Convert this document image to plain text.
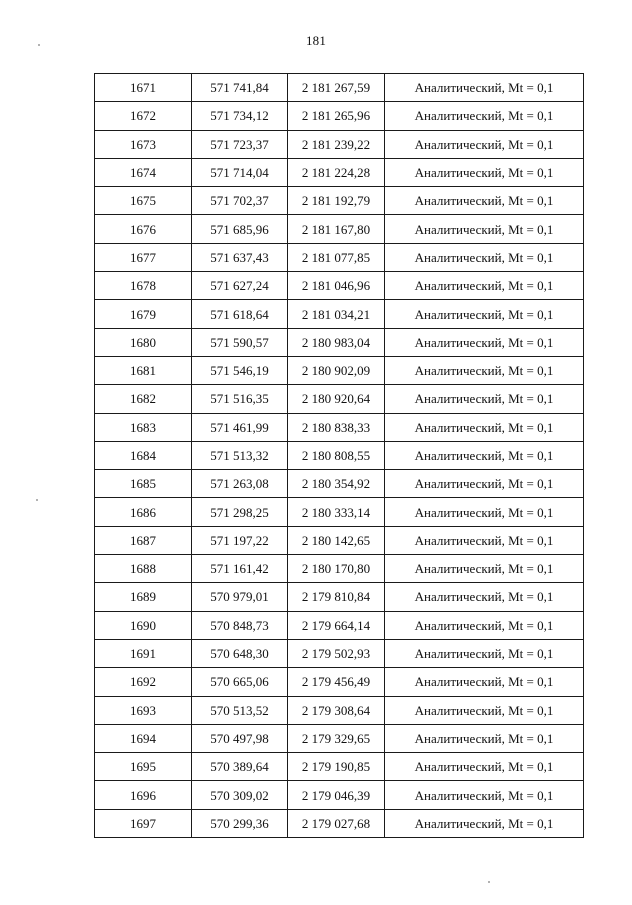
181
1671	571 741,84	2 181 267,59	Аналитический, Mt = 0,1
1672	571 734,12	2 181 265,96	Аналитический, Mt = 0,1
1673	571 723,37	2 181 239,22	Аналитический, Mt = 0,1
1674	571 714,04	2 181 224,28	Аналитический, Mt = 0,1
1675	571 702,37	2 181 192,79	Аналитический, Mt = 0,1
1676	571 685,96	2 181 167,80	Аналитический, Mt = 0,1
1677	571 637,43	2 181 077,85	Аналитический, Mt = 0,1
1678	571 627,24	2 181 046,96	Аналитический, Mt = 0,1
1679	571 618,64	2 181 034,21	Аналитический, Mt = 0,1
1680	571 590,57	2 180 983,04	Аналитический, Mt = 0,1
1681	571 546,19	2 180 902,09	Аналитический, Mt = 0,1
1682	571 516,35	2 180 920,64	Аналитический, Mt = 0,1
1683	571 461,99	2 180 838,33	Аналитический, Mt = 0,1
1684	571 513,32	2 180 808,55	Аналитический, Mt = 0,1
1685	571 263,08	2 180 354,92	Аналитический, Mt = 0,1
1686	571 298,25	2 180 333,14	Аналитический, Mt = 0,1
1687	571 197,22	2 180 142,65	Аналитический, Mt = 0,1
1688	571 161,42	2 180 170,80	Аналитический, Mt = 0,1
1689	570 979,01	2 179 810,84	Аналитический, Mt = 0,1
1690	570 848,73	2 179 664,14	Аналитический, Mt = 0,1
1691	570 648,30	2 179 502,93	Аналитический, Mt = 0,1
1692	570 665,06	2 179 456,49	Аналитический, Mt = 0,1
1693	570 513,52	2 179 308,64	Аналитический, Mt = 0,1
1694	570 497,98	2 179 329,65	Аналитический, Mt = 0,1
1695	570 389,64	2 179 190,85	Аналитический, Mt = 0,1
1696	570 309,02	2 179 046,39	Аналитический, Mt = 0,1
1697	570 299,36	2 179 027,68	Аналитический, Mt = 0,1
